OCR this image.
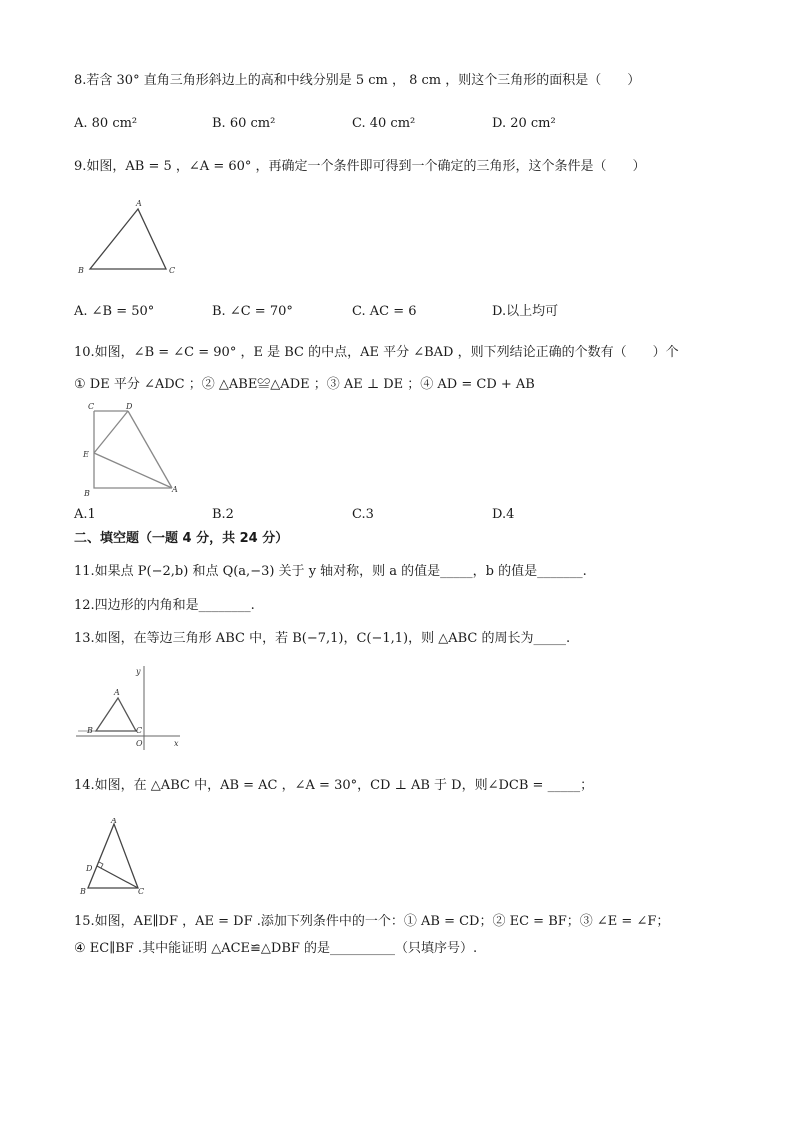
8.若含 30° 直角三角形斜边上的高和中线分别是 5 cm ， 8 cm ，则这个三角形的面积是（　　）
A. 80 cm²	B. 60 cm²	C. 40 cm²	D. 20 cm²
9.如图，AB = 5 ，∠A = 60° ，再确定一个条件即可得到一个确定的三角形，这个条件是（　　）
A
B	C
A. ∠B = 50°	B. ∠C = 70°	C. AC = 6	D.以上均可
10.如图，∠B = ∠C = 90° ，E 是 BC 的中点，AE 平分 ∠BAD ，则下列结论正确的个数有（　　）个
① DE 平分 ∠ADC ；② △ABE≌△ADE ；③ AE ⊥ DE ；④ AD = CD + AB
C	D
E
B	A
A.1	B.2	C.3	D.4
二、填空题（一题 4 分，共 24 分）
11.如果点 P(−2,b) 和点 Q(a,−3) 关于 y 轴对称，则 a 的值是_____，b 的值是_______.
12.四边形的内角和是________.
13.如图，在等边三角形 ABC 中，若 B(−7,1)，C(−1,1)，则 △ABC 的周长为_____.
y
x
A
B	C
O
14.如图，在 △ABC 中，AB = AC ，∠A = 30°，CD ⊥ AB 于 D，则∠DCB = _____；
A
D
B	C
15.如图，AE∥DF ，AE = DF .添加下列条件中的一个：① AB = CD；② EC = BF；③ ∠E = ∠F；
④ EC∥BF .其中能证明 △ACE≌△DBF 的是__________（只填序号）.
